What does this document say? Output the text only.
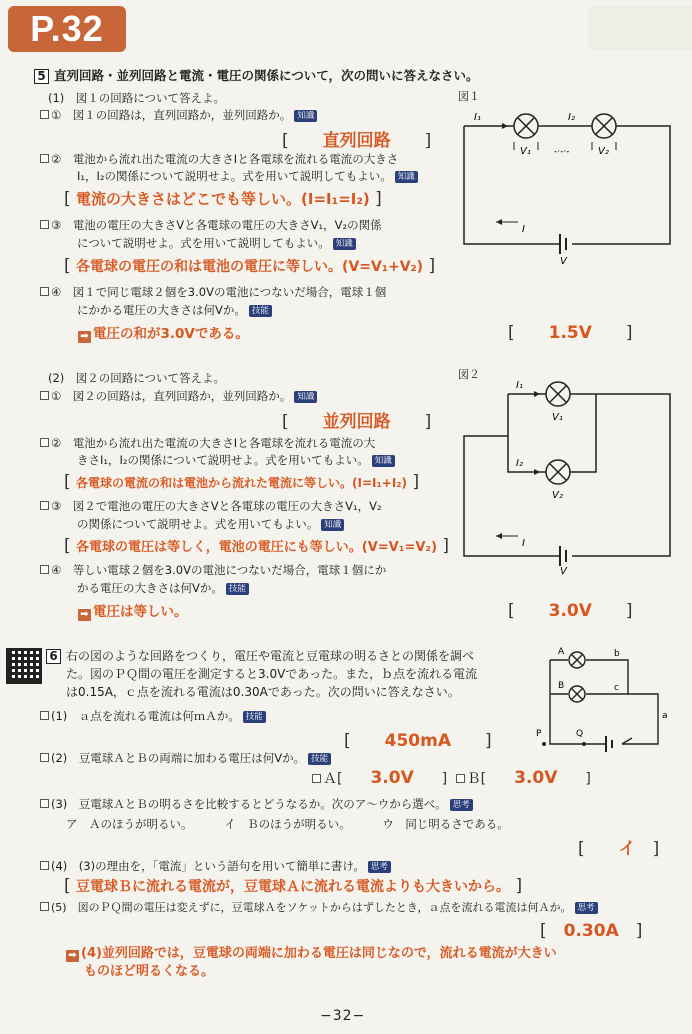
P.32
5 直列回路・並列回路と電流・電圧の関係について，次の問いに答えなさい。
(1)　図１の回路について答えよ。	図１
①　 図１の回路は，直列回路か，並列回路か。 知識
[　　直列回路　　]
②　 電池から流れ出た電流の大きさIと各電球を流れる電流の大きさ
I₁，I₂の関係について説明せよ。式を用いて説明してもよい。 知識
[ 電流の大きさはどこでも等しい。(I=I₁=I₂) ]
③　 電池の電圧の大きさVと各電球の電圧の大きさV₁，V₂の関係
について説明せよ。式を用いて説明してもよい。 知識
[ 各電球の電圧の和は電池の電圧に等しい。(V=V₁+V₂) ]
④　 図１で同じ電球２個を3.0Vの電池につないだ場合，電球１個
にかかる電圧の大きさは何Vか。 技能
➡ 電圧の和が3.0Vである。	[　　1.5V　　]
I₁	I₂
V₁	V₂
I
V
-·-·-
(2)　図２の回路について答えよ。	図２
①　 図２の回路は，直列回路か，並列回路か。 知識
[　　並列回路　　]
②　 電池から流れ出た電流の大きさIと各電球を流れる電流の大
きさI₁，I₂の関係について説明せよ。式を用いてもよい。 知識
[ 各電球の電流の和は電池から流れた電流に等しい。(I=I₁+I₂) ]
③　 図２で電池の電圧の大きさVと各電球の電圧の大きさV₁，V₂
の関係について説明せよ。式を用いてもよい。 知識
[ 各電球の電圧は等しく，電池の電圧にも等しい。(V=V₁=V₂) ]
④　 等しい電球２個を3.0Vの電池につないだ場合，電球１個にか
かる電圧の大きさは何Vか。 技能
➡ 電圧は等しい。	[　　3.0V　　]
I₁
I₂
V₁
V₂
I
V
6 右の図のような回路をつくり，電圧や電流と豆電球の明るさとの関係を調べ
た。図のＰＱ間の電圧を測定すると3.0Vであった。また，ｂ点を流れる電流
は0.15A，ｃ点を流れる電流は0.30Aであった。次の問いに答えなさい。
A
B
b
c
a
P	Q
(1)　 ａ点を流れる電流は何ｍＡか。 技能
[　　450mA　　]
(2)　 豆電球ＡとＢの両端に加わる電圧は何Vか。 技能
Ａ[　　3.0V　　] Ｂ[　　3.0V　　]
(3)　 豆電球ＡとＢの明るさを比較するとどうなるか。次のア〜ウから選べ。 思考
ア　 Ａのほうが明るい。	イ　 Ｂのほうが明るい。	ウ　 同じ明るさである。
[　　イ　]
(4)　 (3)の理由を，「電流」という語句を用いて簡単に書け。 思考
[ 豆電球Ｂに流れる電流が，豆電球Ａに流れる電流よりも大きいから。 ]
(5)　 図のＰＱ間の電圧は変えずに，豆電球Ａをソケットからはずしたとき，ａ点を流れる電流は何Ａか。 思考
[　0.30A　]
➡ (4)並列回路では，豆電球の両端に加わる電圧は同じなので，流れる電流が大きい
ものほど明るくなる。
−32−
